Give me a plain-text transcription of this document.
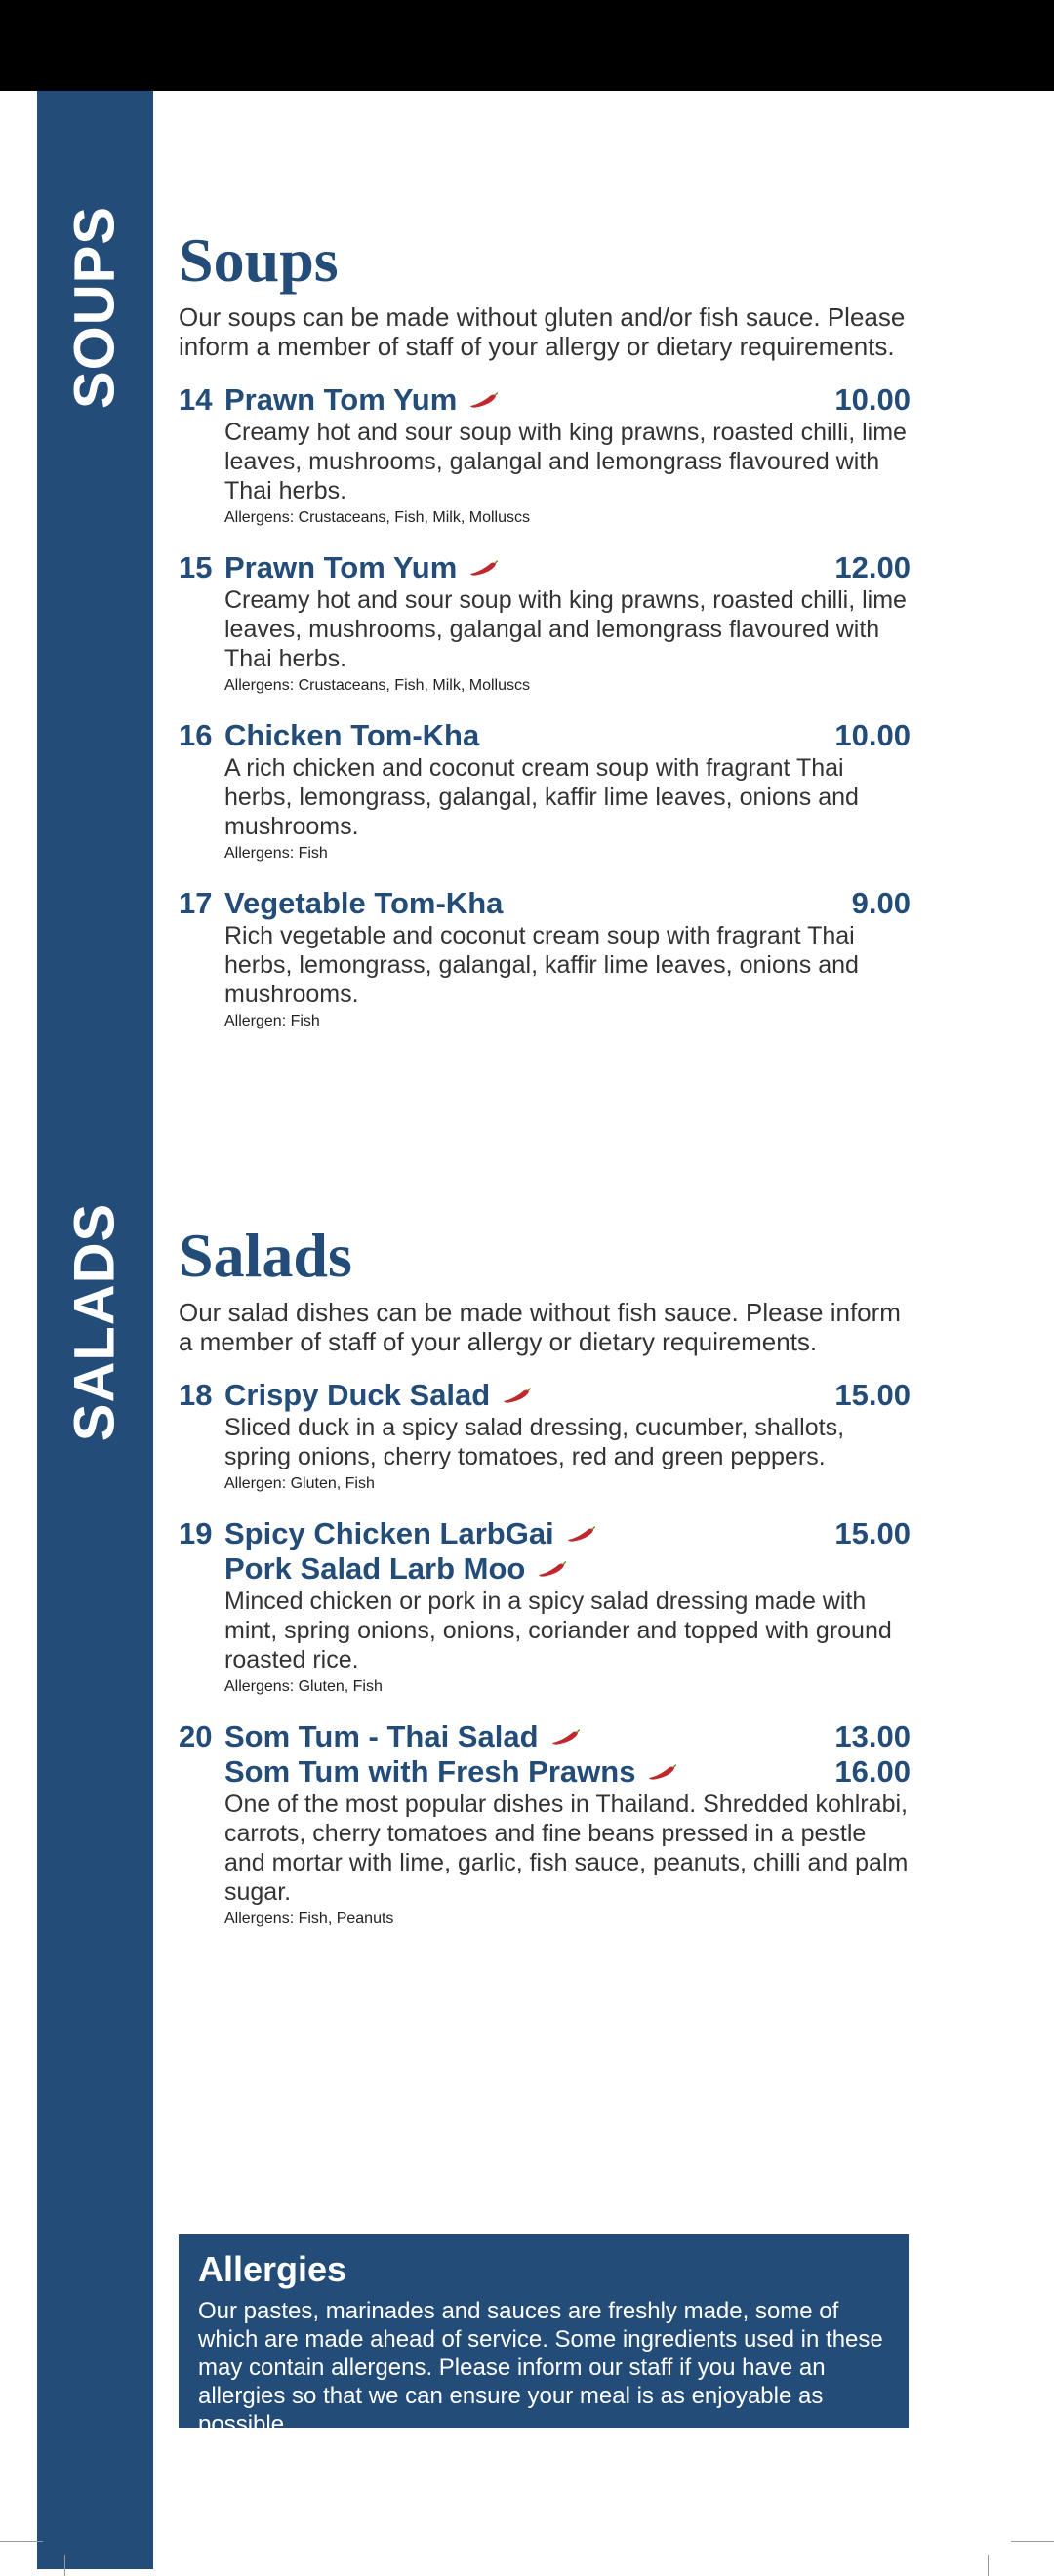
SOUPS
SALADS
Soups
Our soups can be made without gluten and/or fish sauce. Please inform a member of staff of your allergy or dietary requirements.
14 Prawn Tom Yum	10.00
Creamy hot and sour soup with king prawns, roasted chilli, lime leaves, mushrooms, galangal and lemongrass flavoured with Thai herbs.
Allergens: Crustaceans, Fish, Milk, Molluscs
15 Prawn Tom Yum	12.00
Creamy hot and sour soup with king prawns, roasted chilli, lime leaves, mushrooms, galangal and lemongrass flavoured with Thai herbs.
Allergens: Crustaceans, Fish, Milk, Molluscs
16 Chicken Tom-Kha	10.00
A rich chicken and coconut cream soup with fragrant Thai herbs, lemongrass, galangal, kaffir lime leaves, onions and mushrooms.
Allergens: Fish
17 Vegetable Tom-Kha	9.00
Rich vegetable and coconut cream soup with fragrant Thai herbs, lemongrass, galangal, kaffir lime leaves, onions and mushrooms.
Allergen: Fish
Salads
Our salad dishes can be made without fish sauce. Please inform a member of staff of your allergy or dietary requirements.
18 Crispy Duck Salad	15.00
Sliced duck in a spicy salad dressing, cucumber, shallots, spring onions, cherry tomatoes, red and green peppers.
Allergen: Gluten, Fish
19 Spicy Chicken LarbGai	15.00
Pork Salad Larb Moo
Minced chicken or pork in a spicy salad dressing made with mint, spring onions, onions, coriander and topped with ground roasted rice.
Allergens: Gluten, Fish
20 Som Tum - Thai Salad	13.00
Som Tum with Fresh Prawns	16.00
One of the most popular dishes in Thailand. Shredded kohlrabi, carrots, cherry tomatoes and fine beans pressed in a pestle and mortar with lime, garlic, fish sauce, peanuts, chilli and palm sugar.
Allergens: Fish, Peanuts
Allergies

Our pastes, marinades and sauces are freshly made, some of which are made ahead of service. Some ingredients used in these may contain allergens. Please inform our staff if you have an allergies so that we can ensure your meal is as enjoyable as possible.
